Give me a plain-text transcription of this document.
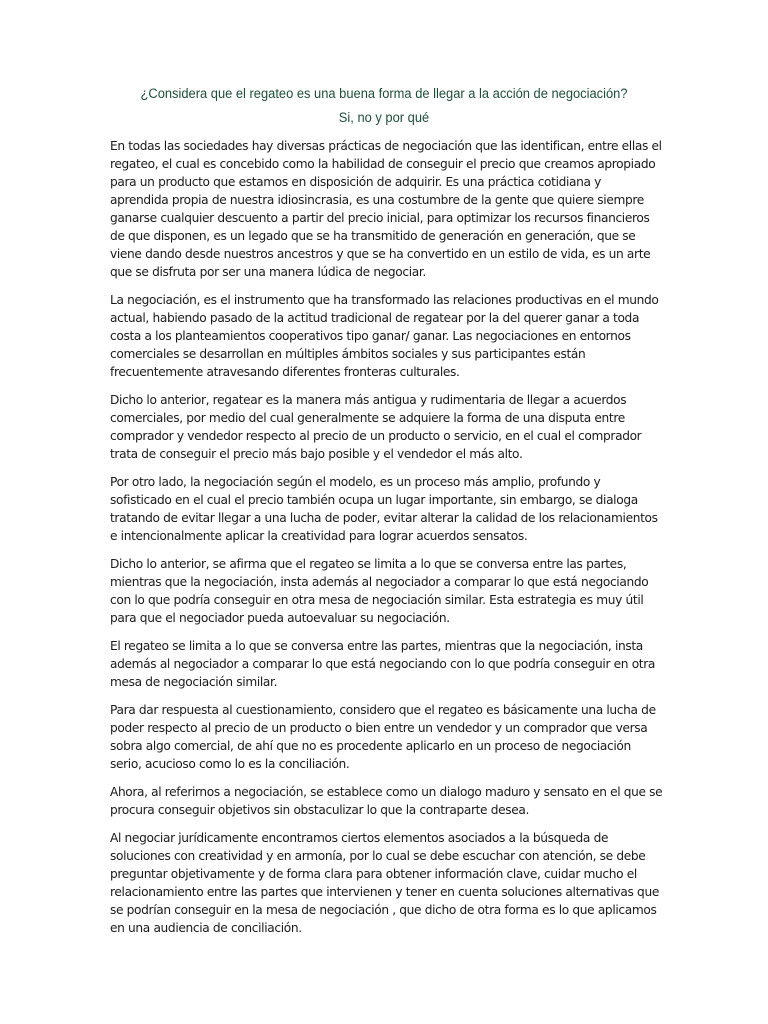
¿Considera que el regateo es una buena forma de llegar a la acción de negociación?
Si, no y por qué
En todas las sociedades hay diversas prácticas de negociación que las identifican, entre ellas el
regateo, el cual es concebido como la habilidad de conseguir el precio que creamos apropiado
para un producto que estamos en disposición de adquirir. Es una práctica cotidiana y
aprendida propia de nuestra idiosincrasia, es una costumbre de la gente que quiere siempre
ganarse cualquier descuento a partir del precio inicial, para optimizar los recursos financieros
de que disponen, es un legado que se ha transmitido de generación en generación, que se
viene dando desde nuestros ancestros y que se ha convertido en un estilo de vida, es un arte
que se disfruta por ser una manera lúdica de negociar.
La negociación, es el instrumento que ha transformado las relaciones productivas en el mundo
actual, habiendo pasado de la actitud tradicional de regatear por la del querer ganar a toda
costa a los planteamientos cooperativos tipo ganar/ ganar. Las negociaciones en entornos
comerciales se desarrollan en múltiples ámbitos sociales y sus participantes están
frecuentemente atravesando diferentes fronteras culturales.
Dicho lo anterior, regatear es la manera más antigua y rudimentaria de llegar a acuerdos
comerciales, por medio del cual generalmente se adquiere la forma de una disputa entre
comprador y vendedor respecto al precio de un producto o servicio, en el cual el comprador
trata de conseguir el precio más bajo posible y el vendedor el más alto.
Por otro lado, la negociación según el modelo, es un proceso más amplio, profundo y
sofisticado en el cual el precio también ocupa un lugar importante, sin embargo, se dialoga
tratando de evitar llegar a una lucha de poder, evitar alterar la calidad de los relacionamientos
e intencionalmente aplicar la creatividad para lograr acuerdos sensatos.
Dicho lo anterior, se afirma que el regateo se limita a lo que se conversa entre las partes,
mientras que la negociación, insta además al negociador a comparar lo que está negociando
con lo que podría conseguir en otra mesa de negociación similar. Esta estrategia es muy útil
para que el negociador pueda autoevaluar su negociación.
El regateo se limita a lo que se conversa entre las partes, mientras que la negociación, insta
además al negociador a comparar lo que está negociando con lo que podría conseguir en otra
mesa de negociación similar.
Para dar respuesta al cuestionamiento, considero que el regateo es básicamente una lucha de
poder respecto al precio de un producto o bien entre un vendedor y un comprador que versa
sobra algo comercial, de ahí que no es procedente aplicarlo en un proceso de negociación
serio, acucioso como lo es la conciliación.
Ahora, al referirnos a negociación, se establece como un dialogo maduro y sensato en el que se
procura conseguir objetivos sin obstaculizar lo que la contraparte desea.
Al negociar jurídicamente encontramos ciertos elementos asociados a la búsqueda de
soluciones con creatividad y en armonía, por lo cual se debe escuchar con atención, se debe
preguntar objetivamente y de forma clara para obtener información clave, cuidar mucho el
relacionamiento entre las partes que intervienen y tener en cuenta soluciones alternativas que
se podrían conseguir en la mesa de negociación , que dicho de otra forma es lo que aplicamos
en una audiencia de conciliación.
